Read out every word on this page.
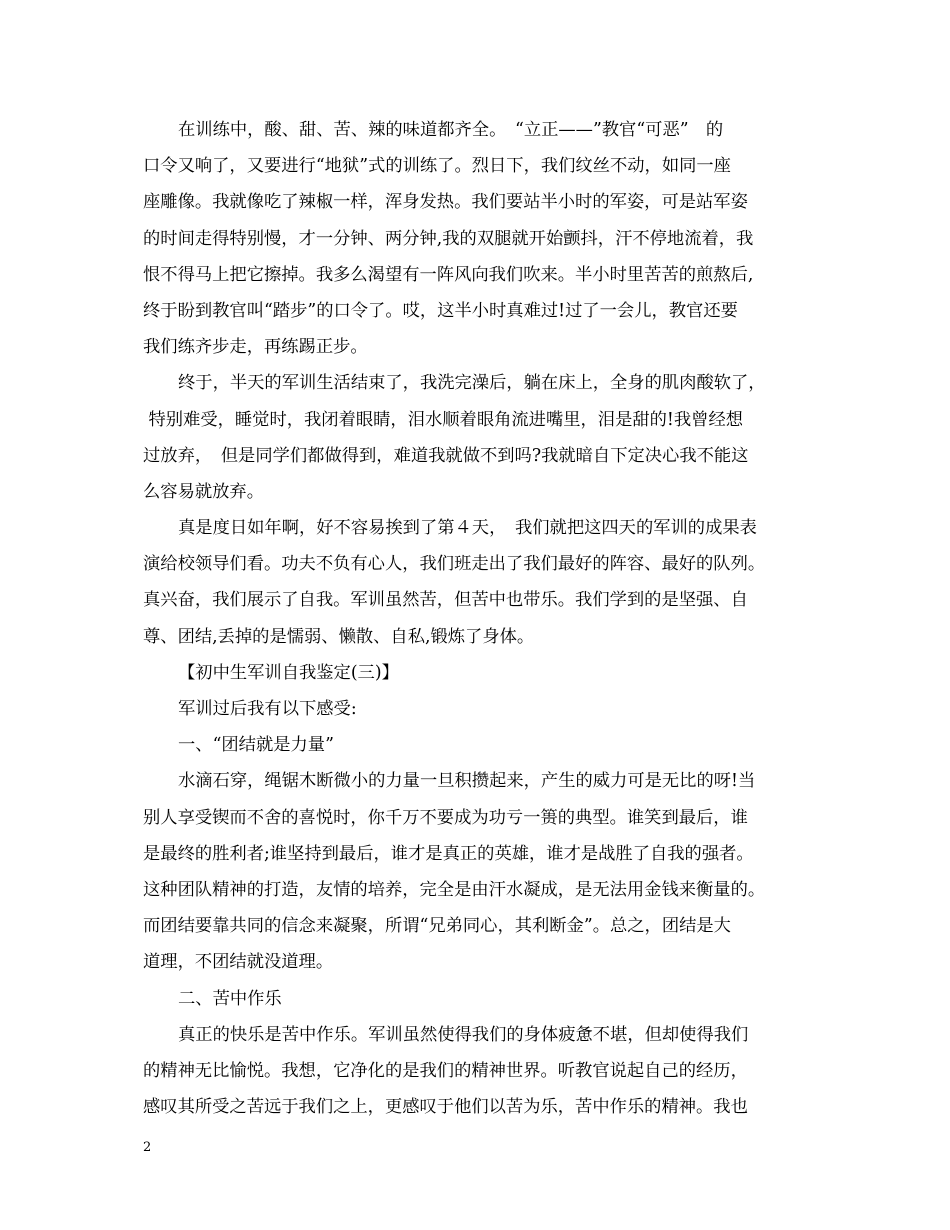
在训练中，酸、甜、苦、辣的味道都齐全。　“立正——”教官“可恶”　的
口令又响了，又要进行“地狱”式的训练了。烈日下，我们纹丝不动，如同一座
座雕像。我就像吃了辣椒一样，浑身发热。我们要站半小时的军姿，可是站军姿
的时间走得特别慢，才一分钟、两分钟,我的双腿就开始颤抖，汗不停地流着，我
恨不得马上把它擦掉。我多么渴望有一阵风向我们吹来。半小时里苦苦的煎熬后,
终于盼到教官叫“踏步”的口令了。哎，这半小时真难过!过了一会儿，教官还要
我们练齐步走，再练踢正步。
终于，半天的军训生活结束了，我洗完澡后，躺在床上，全身的肌肉酸软了，
特别难受，睡觉时，我闭着眼睛，泪水顺着眼角流进嘴里，泪是甜的!我曾经想
过放弃，　但是同学们都做得到，难道我就做不到吗?我就暗自下定决心我不能这
么容易就放弃。
真是度日如年啊，好不容易挨到了第４天，　我们就把这四天的军训的成果表
演给校领导们看。功夫不负有心人，我们班走出了我们最好的阵容、最好的队列。
真兴奋，我们展示了自我。军训虽然苦，但苦中也带乐。我们学到的是坚强、自
尊、团结,丢掉的是懦弱、懒散、自私,锻炼了身体。
【初中生军训自我鉴定(三)】
军训过后我有以下感受:
一、“团结就是力量”
水滴石穿，绳锯木断微小的力量一旦积攒起来，产生的威力可是无比的呀!当
别人享受锲而不舍的喜悦时，你千万不要成为功亏一篑的典型。谁笑到最后，谁
是最终的胜利者;谁坚持到最后，谁才是真正的英雄，谁才是战胜了自我的强者。
这种团队精神的打造，友情的培养，完全是由汗水凝成，是无法用金钱来衡量的。
而团结要靠共同的信念来凝聚，所谓“兄弟同心，其利断金”。总之，团结是大
道理，不团结就没道理。
二、苦中作乐
真正的快乐是苦中作乐。军训虽然使得我们的身体疲惫不堪，但却使得我们
的精神无比愉悦。我想，它净化的是我们的精神世界。听教官说起自己的经历，
感叹其所受之苦远于我们之上，更感叹于他们以苦为乐，苦中作乐的精神。我也
2
